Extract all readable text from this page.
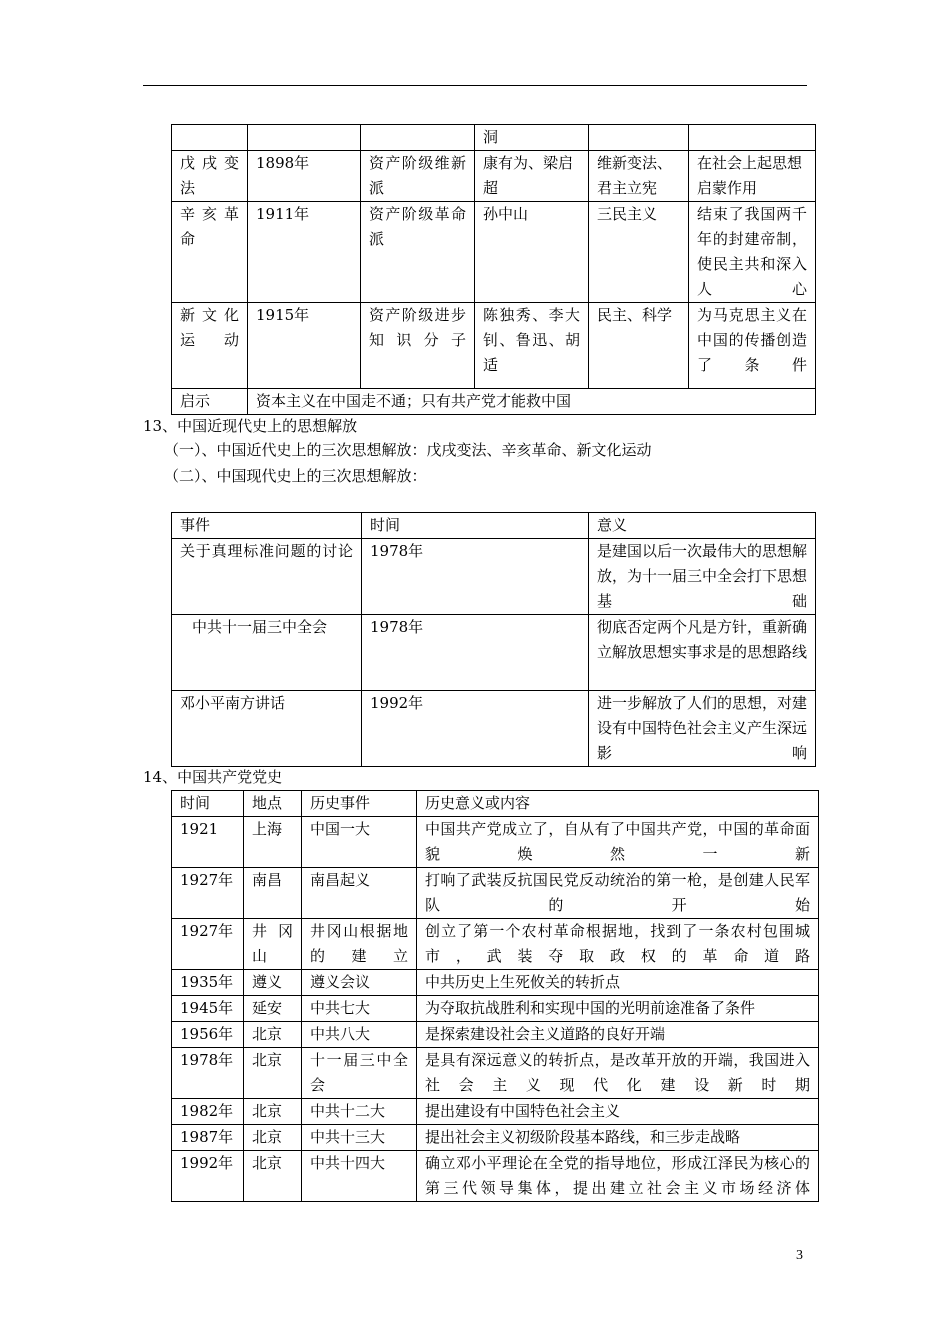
			洞		
戊戌变法	1898年	资产阶级维新派	康有为、梁启超	维新变法、君主立宪	在社会上起思想启蒙作用
辛亥革命	1911年	资产阶级革命派	孙中山	三民主义	结束了我国两千年的封建帝制，使民主共和深入人心
新文化运动	1915年	资产阶级进步知识分子	陈独秀、李大钊、鲁迅、胡适	民主、科学	为马克思主义在中国的传播创造了条件
启示	资本主义在中国走不通；只有共产党才能救中国				
13、中国近现代史上的思想解放
（一）、中国近代史上的三次思想解放：戊戌变法、辛亥革命、新文化运动
（二）、中国现代史上的三次思想解放：
事件	时间	意义
关于真理标准问题的讨论	1978年	是建国以后一次最伟大的思想解放，为十一届三中全会打下思想基础
中共十一届三中全会	1978年	彻底否定两个凡是方针，重新确立解放思想实事求是的思想路线
邓小平南方讲话	1992年	进一步解放了人们的思想，对建设有中国特色社会主义产生深远影响
14、中国共产党党史
时间	地点	历史事件	历史意义或内容
1921	上海	中国一大	中国共产党成立了，自从有了中国共产党，中国的革命面貌焕然一新
1927年	南昌	南昌起义	打响了武装反抗国民党反动统治的第一枪，是创建人民军队的开始
1927年	井冈山	井冈山根据地的建立	创立了第一个农村革命根据地，找到了一条农村包围城市，武装夺取政权的革命道路
1935年	遵义	遵义会议	中共历史上生死攸关的转折点
1945年	延安	中共七大	为夺取抗战胜利和实现中国的光明前途准备了条件
1956年	北京	中共八大	是探索建设社会主义道路的良好开端
1978年	北京	十一届三中全会	是具有深远意义的转折点，是改革开放的开端，我国进入社会主义现代化建设新时期
1982年	北京	中共十二大	提出建设有中国特色社会主义
1987年	北京	中共十三大	提出社会主义初级阶段基本路线，和三步走战略
1992年	北京	中共十四大	确立邓小平理论在全党的指导地位，形成江泽民为核心的第三代领导集体，提出建立社会主义市场经济体
3
